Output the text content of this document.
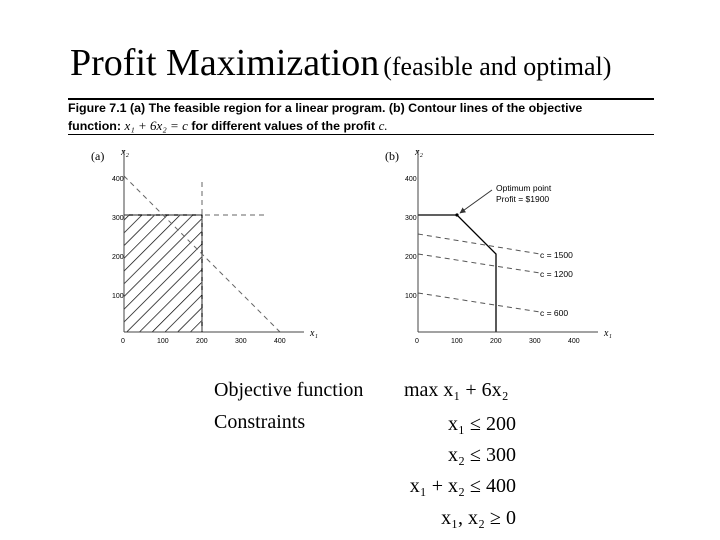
Profit Maximization (feasible and optimal)
Figure 7.1 (a) The feasible region for a linear program. (b) Contour lines of the objective
function: x₁ + 6x₂ = c for different values of the profit c.
(a) x₂
x₁
0	100	200	300	400
400
300
200
100
(b) x₂
x₁
c = 1500
c = 1200
c = 600
Optimum point
Profit = $1900
0	100	200	300	400
400
300
200
100
Objective function max x₁ + 6x₂
Constraints	x₁ ≤ 200
x₂ ≤ 300
x₁ + x₂ ≤ 400
x₁, x₂ ≥ 0
